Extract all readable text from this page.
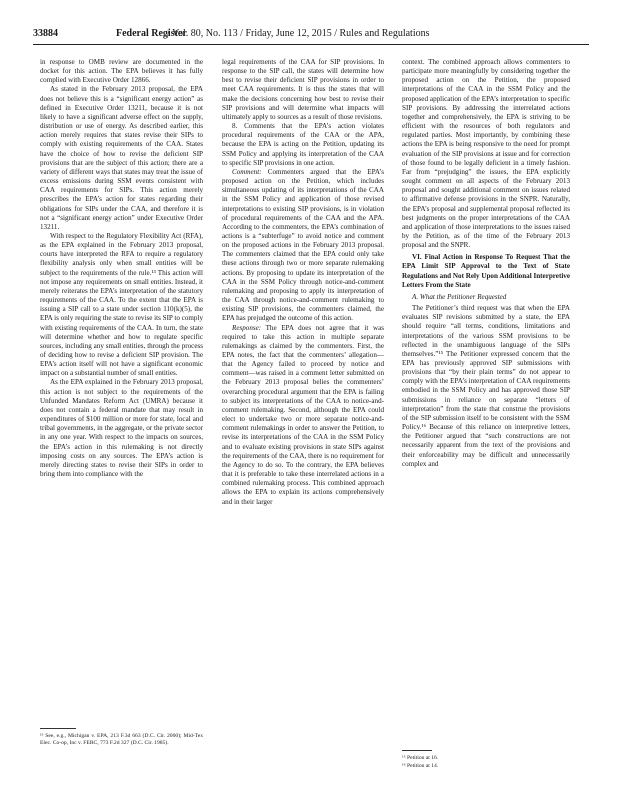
33884	Federal Register
/ Vol. 80, No. 113 / Friday, June 12, 2015 / Rules and Regulations

in response to OMB review are documented in the docket for this action. The EPA believes it has fully complied with Executive Order 12866.

As stated in the February 2013 proposal, the EPA does not believe this is a “significant energy action” as defined in Executive Order 13211, because it is not likely to have a significant adverse effect on the supply, distribution or use of energy. As described earlier, this action merely requires that states revise their SIPs to comply with existing requirements of the CAA. States have the choice of how to revise the deficient SIP provisions that are the subject of this action; there are a variety of different ways that states may treat the issue of excess emissions during SSM events consistent with CAA requirements for SIPs. This action merely prescribes the EPA’s action for states regarding their obligations for SIPs under the CAA, and therefore it is not a “significant energy action” under Executive Order 13211.

With respect to the Regulatory Flexibility Act (RFA), as the EPA explained in the February 2013 proposal, courts have interpreted the RFA to require a regulatory flexibility analysis only when small entities will be subject to the requirements of the rule.¹³ This action will not impose any requirements on small entities. Instead, it merely reiterates the EPA’s interpretation of the statutory requirements of the CAA. To the extent that the EPA is issuing a SIP call to a state under section 110(k)(5), the EPA is only requiring the state to revise its SIP to comply with existing requirements of the CAA. In turn, the state will determine whether and how to regulate specific sources, including any small entities, through the process of deciding how to revise a deficient SIP provision. The EPA’s action itself will not have a significant economic impact on a substantial number of small entities.

As the EPA explained in the February 2013 proposal, this action is not subject to the requirements of the Unfunded Mandates Reform Act (UMRA) because it does not contain a federal mandate that may result in expenditures of $100 million or more for state, local and tribal governments, in the aggregate, or the private sector in any one year. With respect to the impacts on sources, the EPA’s action in this rulemaking is not directly imposing costs on any sources. The EPA’s action is merely directing states to revise their SIPs in order to bring them into compliance with the

legal requirements of the CAA for SIP provisions. In response to the SIP call, the states will determine how best to revise their deficient SIP provisions in order to meet CAA requirements. It is thus the states that will make the decisions concerning how best to revise their SIP provisions and will determine what impacts will ultimately apply to sources as a result of those revisions.

8. Comments that the EPA’s action violates procedural requirements of the CAA or the APA, because the EPA is acting on the Petition, updating its SSM Policy and applying its interpretation of the CAA to specific SIP provisions in one action.

Comment: Commenters argued that the EPA’s proposed action on the Petition, which includes simultaneous updating of its interpretations of the CAA in the SSM Policy and application of those revised interpretations to existing SIP provisions, is in violation of procedural requirements of the CAA and the APA. According to the commenters, the EPA’s combination of actions is a “subterfuge” to avoid notice and comment on the proposed actions in the February 2013 proposal. The commenters claimed that the EPA could only take these actions through two or more separate rulemaking actions. By proposing to update its interpretation of the CAA in the SSM Policy through notice-and-comment rulemaking and proposing to apply its interpretation of the CAA through notice-and-comment rulemaking to existing SIP provisions, the commenters claimed, the EPA has prejudged the outcome of this action.

Response: The EPA does not agree that it was required to take this action in multiple separate rulemakings as claimed by the commenters. First, the EPA notes, the fact that the commenters’ allegation—that the Agency failed to proceed by notice and comment—was raised in a comment letter submitted on the February 2013 proposal belies the commenters’ overarching procedural argument that the EPA is failing to subject its interpretations of the CAA to notice-and-comment rulemaking. Second, although the EPA could elect to undertake two or more separate notice-and-comment rulemakings in order to answer the Petition, to revise its interpretations of the CAA in the SSM Policy and to evaluate existing provisions in state SIPs against the requirements of the CAA, there is no requirement for the Agency to do so. To the contrary, the EPA believes that it is preferable to take these interrelated actions in a combined rulemaking process. This combined approach allows the EPA to explain its actions comprehensively and in their larger

context. The combined approach allows commenters to participate more meaningfully by considering together the proposed action on the Petition, the proposed interpretations of the CAA in the SSM Policy and the proposed application of the EPA’s interpretation to specific SIP provisions. By addressing the interrelated actions together and comprehensively, the EPA is striving to be efficient with the resources of both regulators and regulated parties. Most importantly, by combining these actions the EPA is being responsive to the need for prompt evaluation of the SIP provisions at issue and for correction of those found to be legally deficient in a timely fashion. Far from “prejudging” the issues, the EPA explicitly sought comment on all aspects of the February 2013 proposal and sought additional comment on issues related to affirmative defense provisions in the SNPR. Naturally, the EPA’s proposal and supplemental proposal reflected its best judgments on the proper interpretations of the CAA and application of those interpretations to the issues raised by the Petition, as of the time of the February 2013 proposal and the SNPR.

VI. Final Action in Response To Request That the EPA Limit SIP Approval to the Text of State Regulations and Not Rely Upon Additional Interpretive Letters From the State

A. What the Petitioner Requested

The Petitioner’s third request was that when the EPA evaluates SIP revisions submitted by a state, the EPA should require “all terms, conditions, limitations and interpretations of the various SSM provisions to be reflected in the unambiguous language of the SIPs themselves.”¹⁵ The Petitioner expressed concern that the EPA has previously approved SIP submissions with provisions that “by their plain terms” do not appear to comply with the EPA’s interpretation of CAA requirements embodied in the SSM Policy and has approved those SIP submissions in reliance on separate “letters of interpretation” from the state that construe the provisions of the SIP submission itself to be consistent with the SSM Policy.¹⁶ Because of this reliance on interpretive letters, the Petitioner argued that “such constructions are not necessarily apparent from the text of the provisions and their enforceability may be difficult and unnecessarily complex and

¹³ See, e.g., Michigan v. EPA, 213 F.3d 663 (D.C. Cir. 2000); Mid-Tex Elec. Co-op, Inc v. FERC, 773 F.2d 327 (D.C. Cir. 1985).
¹⁵ Petition at 16.
¹⁶ Petition at 14.
